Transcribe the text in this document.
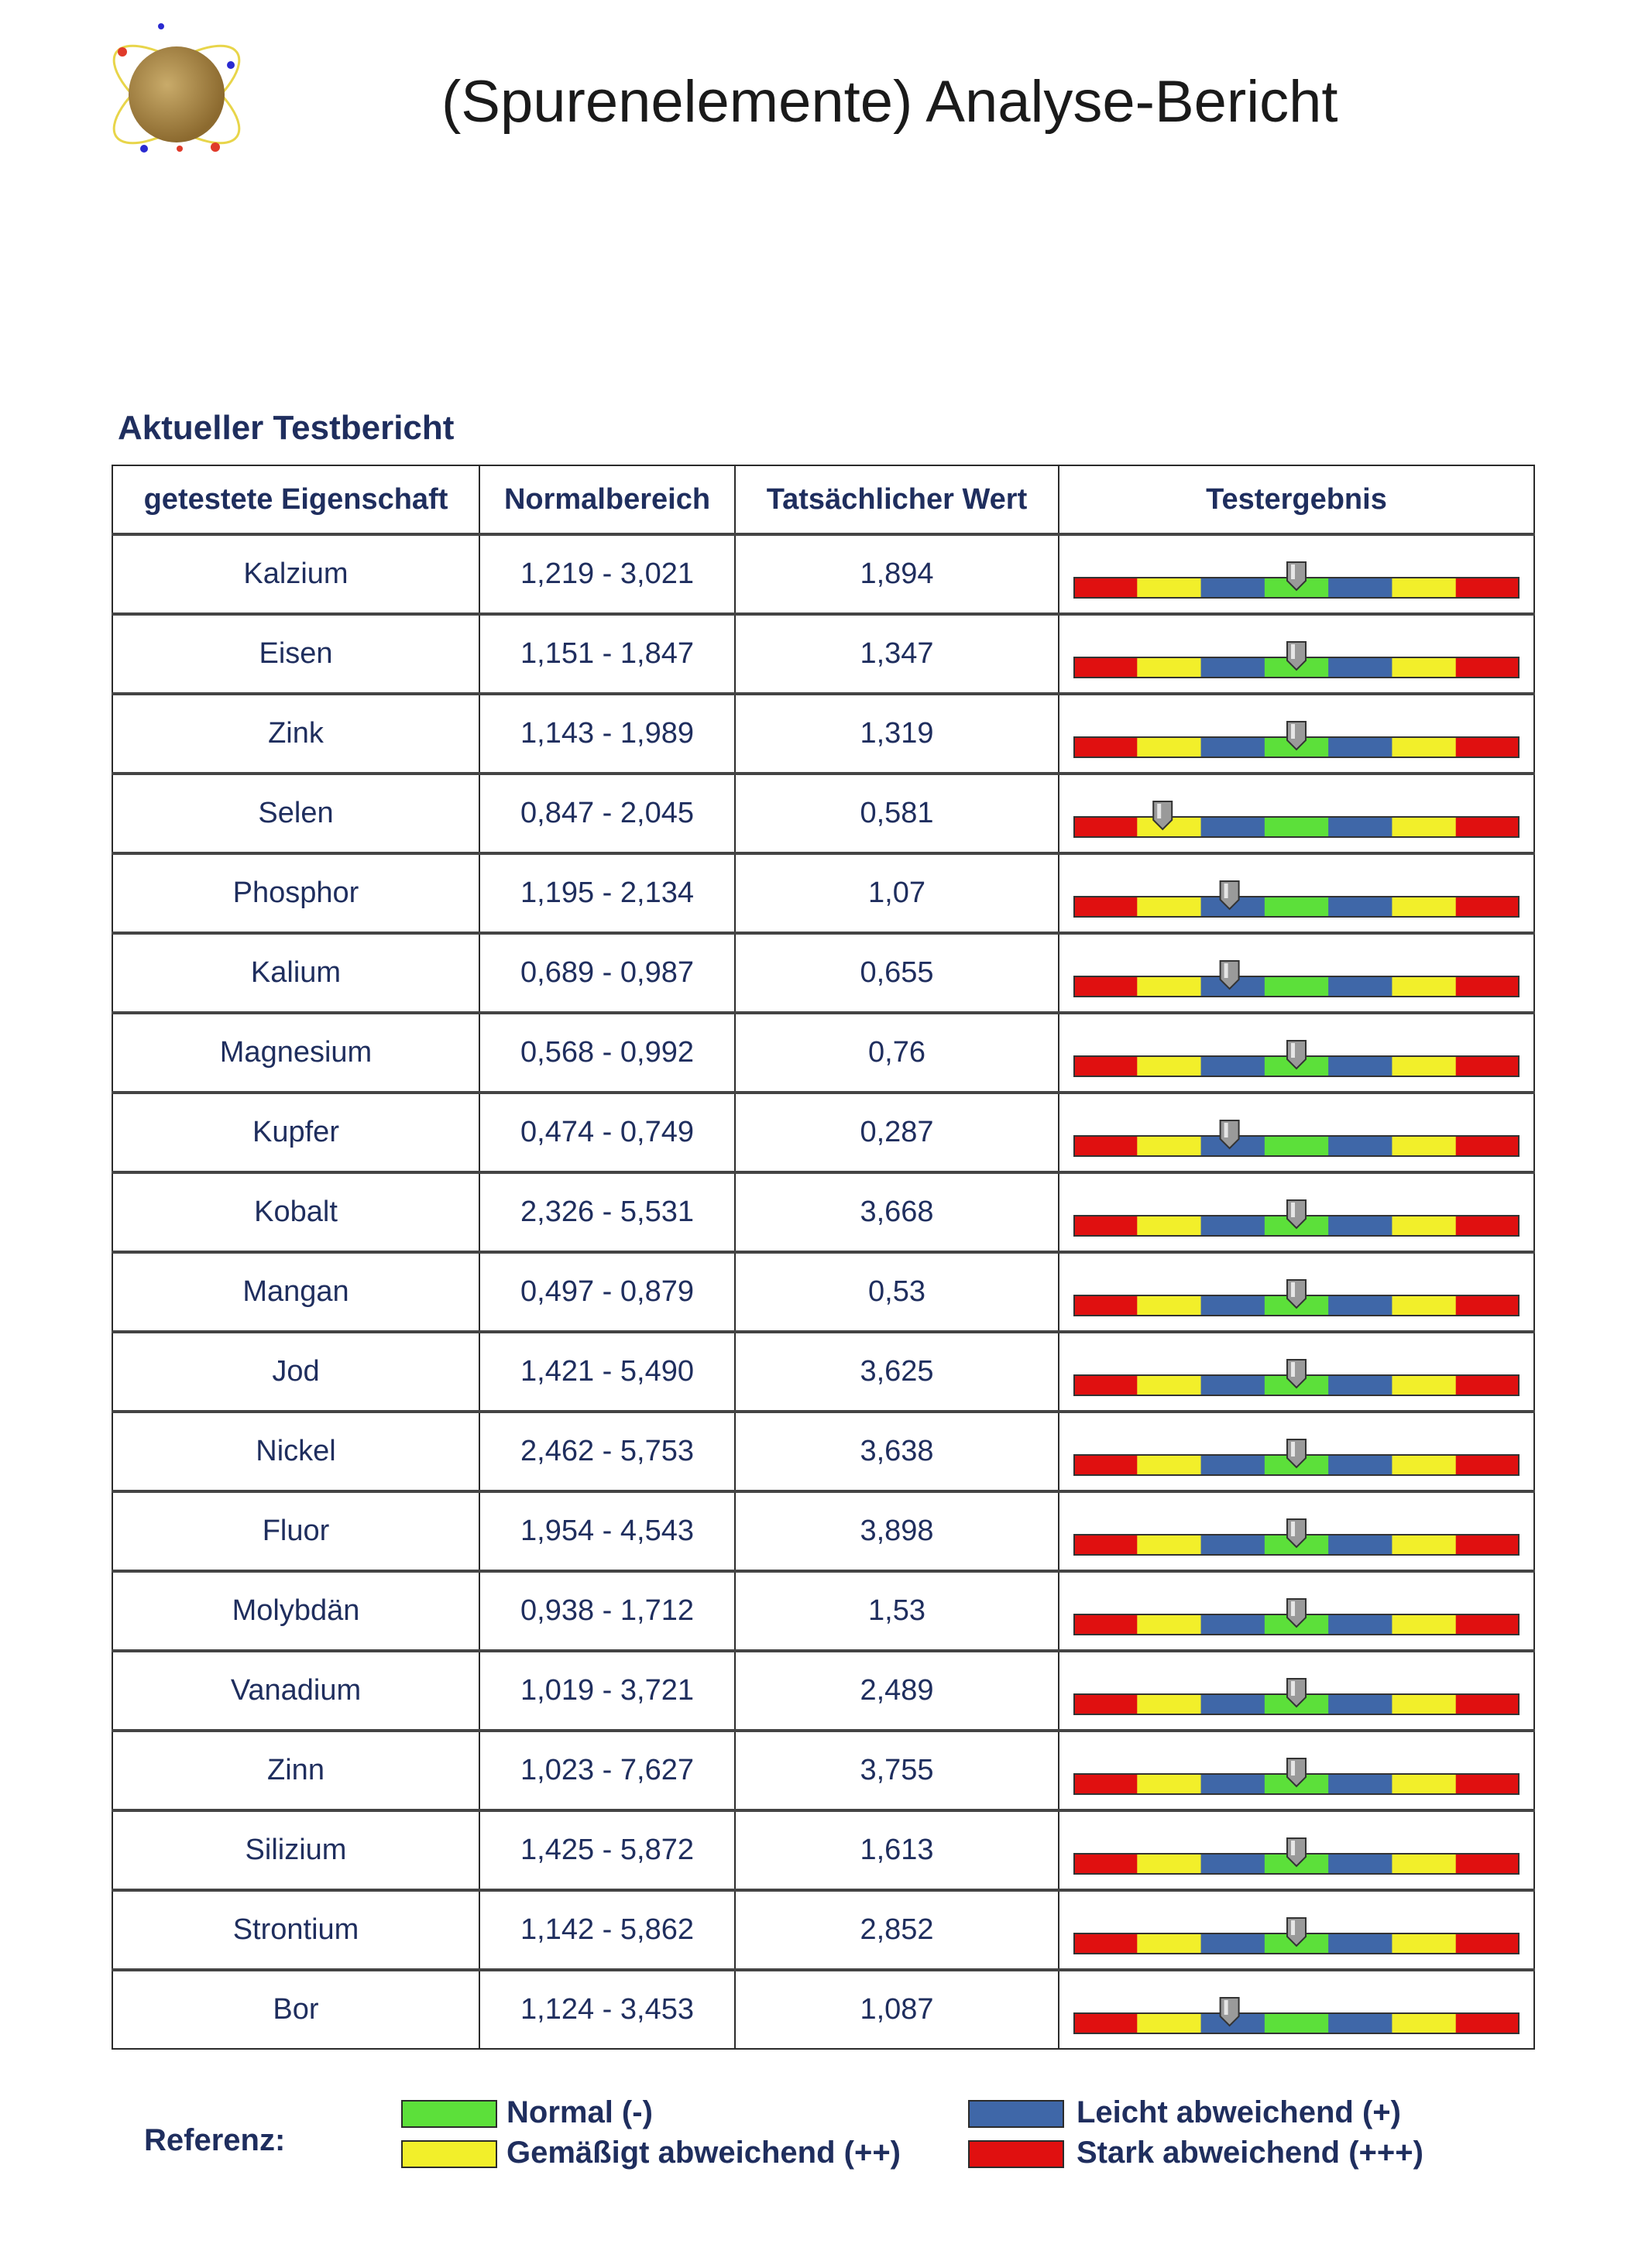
(Spurenelemente) Analyse-Bericht
Aktueller Testbericht
getestete Eigenschaft	Normalbereich	Tatsächlicher Wert	Testergebnis
Kalzium	1,219 - 3,021	1,894	

Eisen	1,151 - 1,847	1,347	

Zink	1,143 - 1,989	1,319	

Selen	0,847 - 2,045	0,581	

Phosphor	1,195 - 2,134	1,07	

Kalium	0,689 - 0,987	0,655	

Magnesium	0,568 - 0,992	0,76	

Kupfer	0,474 - 0,749	0,287	

Kobalt	2,326 - 5,531	3,668	

Mangan	0,497 - 0,879	0,53	

Jod	1,421 - 5,490	3,625	

Nickel	2,462 - 5,753	3,638	

Fluor	1,954 - 4,543	3,898	

Molybdän	0,938 - 1,712	1,53	

Vanadium	1,019 - 3,721	2,489	

Zinn	1,023 - 7,627	3,755	

Silizium	1,425 - 5,872	1,613	

Strontium	1,142 - 5,862	2,852	

Bor	1,124 - 3,453	1,087	
Referenz:
Normal (-)
Gemäßigt abweichend (++)
Leicht abweichend (+)
Stark abweichend (+++)
